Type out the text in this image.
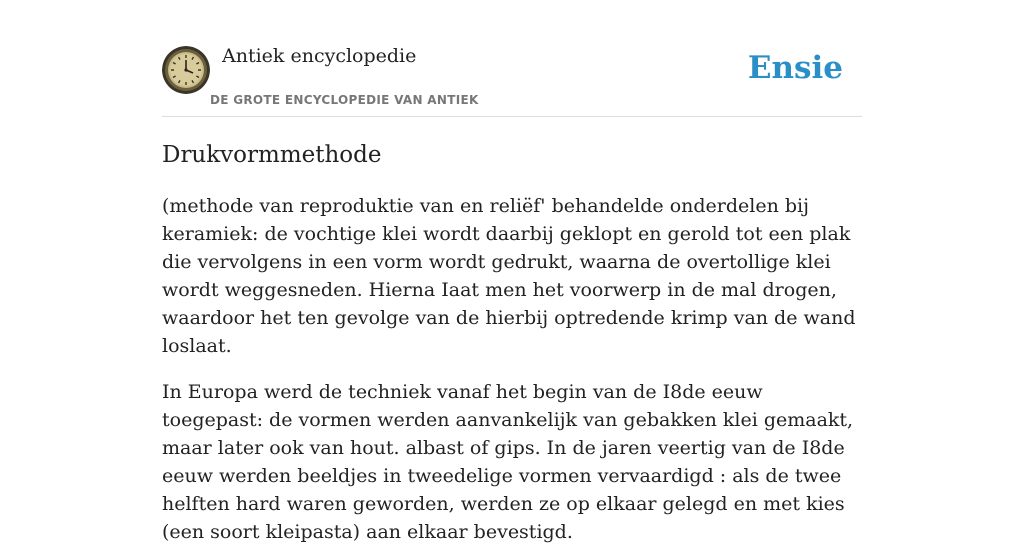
Antiek encyclopedie
DE GROTE ENCYCLOPEDIE VAN ANTIEK
Ensie
Drukvormmethode

(methode van reproduktie van en reliëf' behandelde onderdelen bij keramiek: de vochtige klei wordt daarbij geklopt en gerold tot een plak die vervolgens in een vorm wordt gedrukt, waarna de overtollige klei wordt weggesneden. Hierna Iaat men het voorwerp in de mal drogen, waardoor het ten gevolge van de hierbij optredende krimp van de wand loslaat.

In Europa werd de techniek vanaf het begin van de I8de eeuw toegepast: de vormen werden aanvankelijk van gebakken klei gemaakt, maar later ook van hout. albast of gips. In de jaren veertig van de I8de eeuw werden beeldjes in tweedelige vormen vervaardigd : als de twee helften hard waren geworden, werden ze op elkaar gelegd en met kies (een soort kleipasta) aan elkaar bevestigd.
